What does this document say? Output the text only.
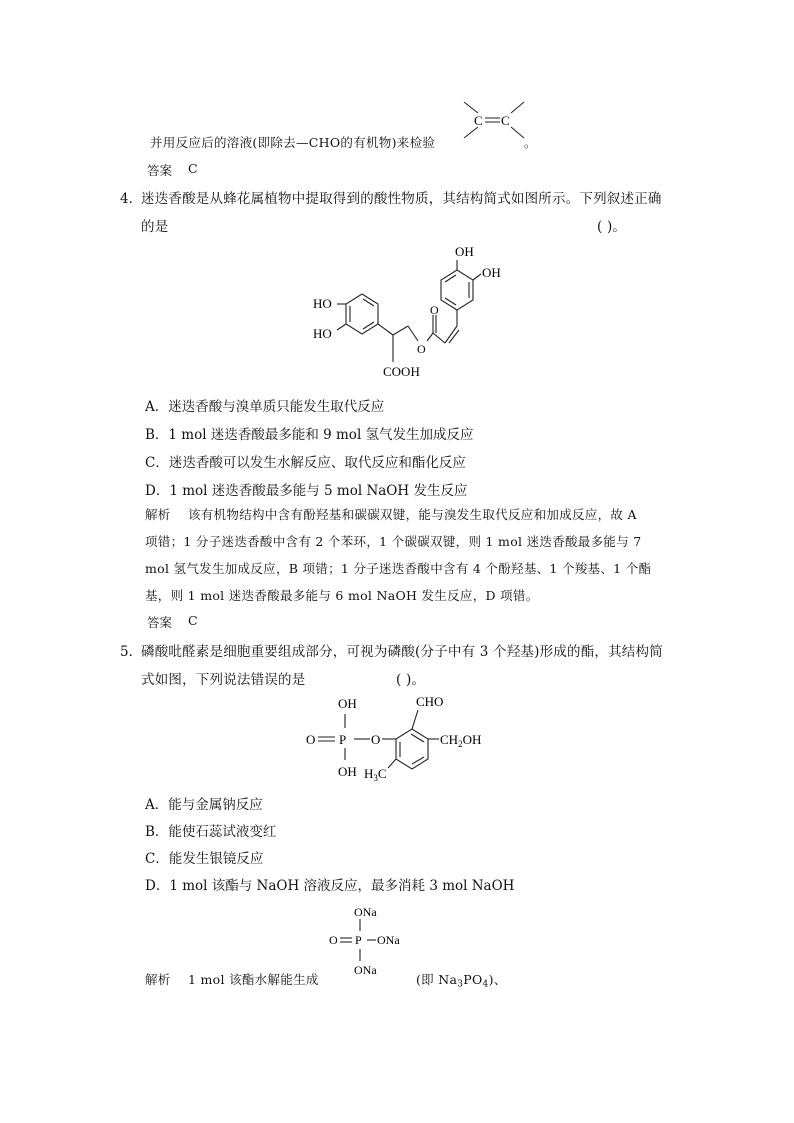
并用反应后的溶液(即除去—CHO的有机物)来检验
C C
。
答案 C
4．
迷迭香酸是从蜂花属植物中提取得到的酸性物质，其结构简式如图所示。下列叙述正确
的是	( )。
OH
OH
HO
HO
O
O
COOH
A．迷迭香酸与溴单质只能发生取代反应
B．1 mol 迷迭香酸最多能和 9 mol 氢气发生加成反应
C．迷迭香酸可以发生水解反应、取代反应和酯化反应
D．1 mol 迷迭香酸最多能与 5 mol NaOH 发生反应
解析 该有机物结构中含有酚羟基和碳碳双键，能与溴发生取代反应和加成反应，故 A
项错；1 分子迷迭香酸中含有 2 个苯环，1 个碳碳双键，则 1 mol 迷迭香酸最多能与 7
mol 氢气发生加成反应，B 项错；1 分子迷迭香酸中含有 4 个酚羟基、1 个羧基、1 个酯
基，则 1 mol 迷迭香酸最多能与 6 mol NaOH 发生反应，D 项错。
答案 C
5．
磷酸吡醛素是细胞重要组成部分，可视为磷酸(分子中有 3 个羟基)形成的酯，其结构简
式如图，下列说法错误的是	( )。
OH
O P O
OH
CHO
$CH_2OH$
$H_3C$
A．能与金属钠反应
B．能使石蕊试液变红
C．能发生银镜反应
D．1 mol 该酯与 NaOH 溶液反应，最多消耗 3 mol NaOH
ONa
O P ONa
ONa
解析 1 mol 该酯水解能生成	(即 $Na_3PO_4$)、
